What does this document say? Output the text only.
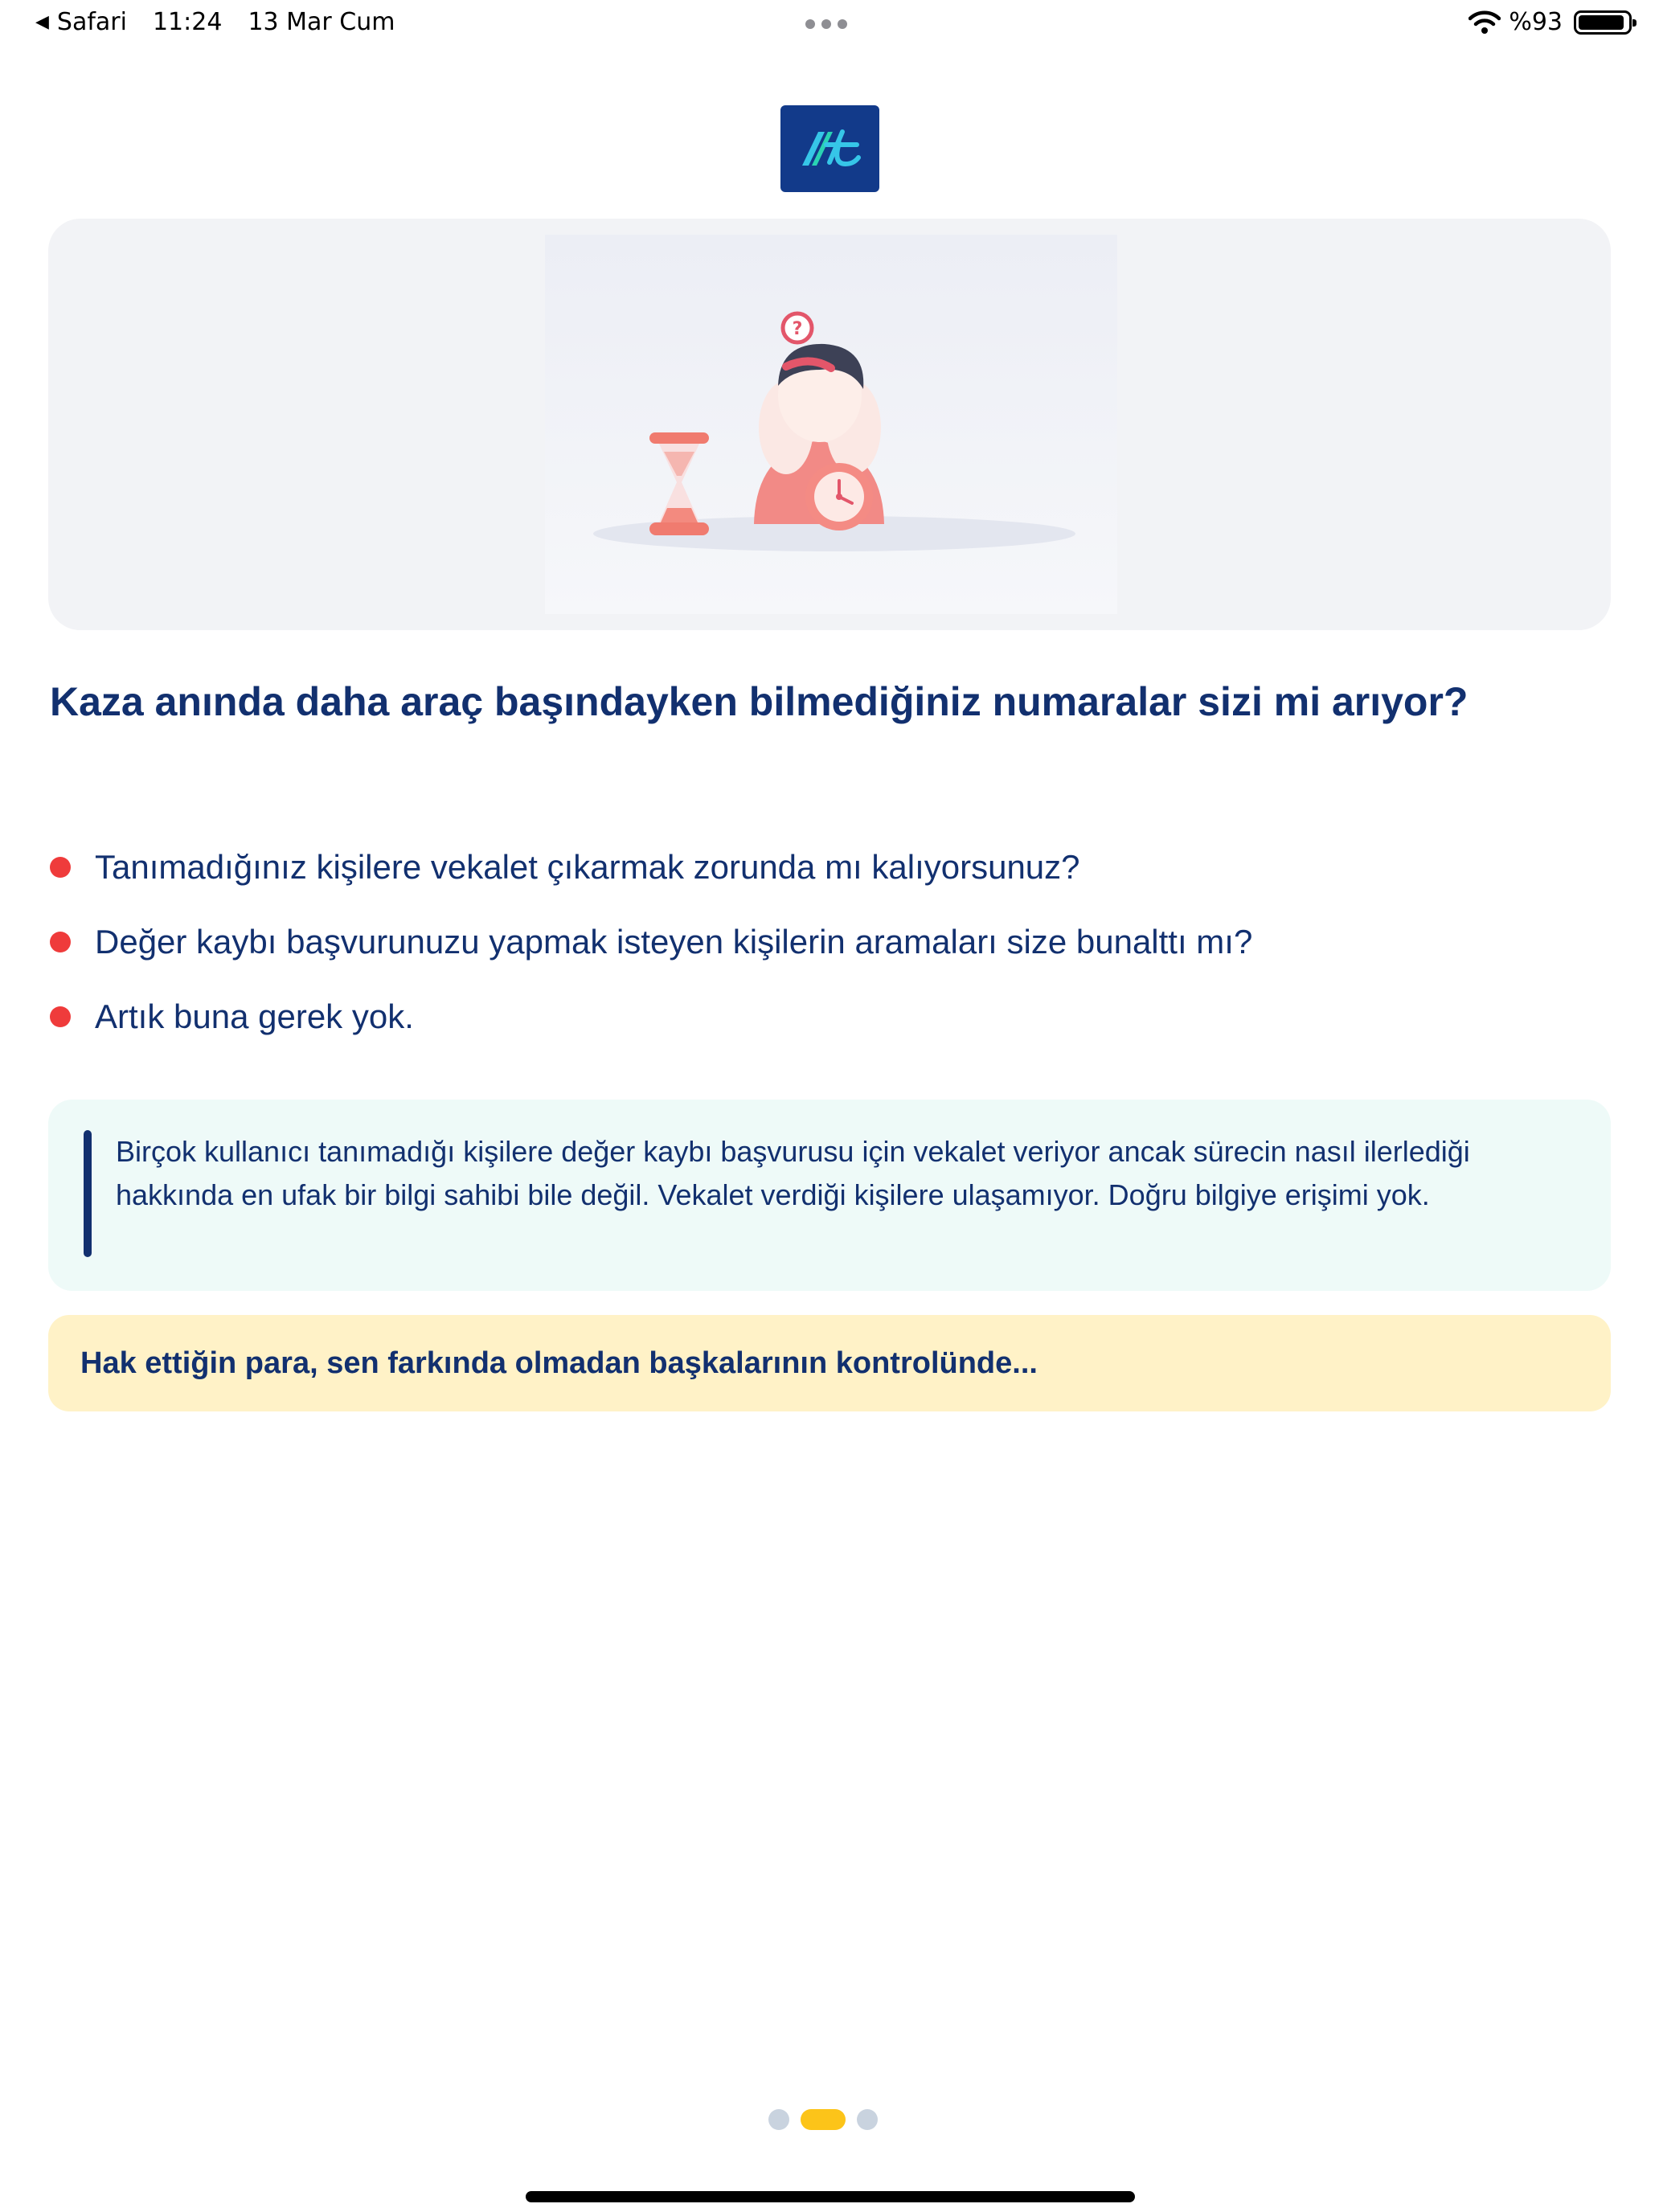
◀ Safari 11:24 13 Mar Cum	%93
?
Kaza anında daha araç başındayken bilmediğiniz numaralar sizi mi arıyor?
Tanımadığınız kişilere vekalet çıkarmak zorunda mı kalıyorsunuz?
Değer kaybı başvurunuzu yapmak isteyen kişilerin aramaları size bunalttı mı?
Artık buna gerek yok.

Birçok kullanıcı tanımadığı kişilere değer kaybı başvurusu için vekalet veriyor ancak sürecin nasıl ilerlediği hakkında en ufak bir bilgi sahibi bile değil. Vekalet verdiği kişilere ulaşamıyor. Doğru bilgiye erişimi yok.

Hak ettiğin para, sen farkında olmadan başkalarının kontrolünde...
